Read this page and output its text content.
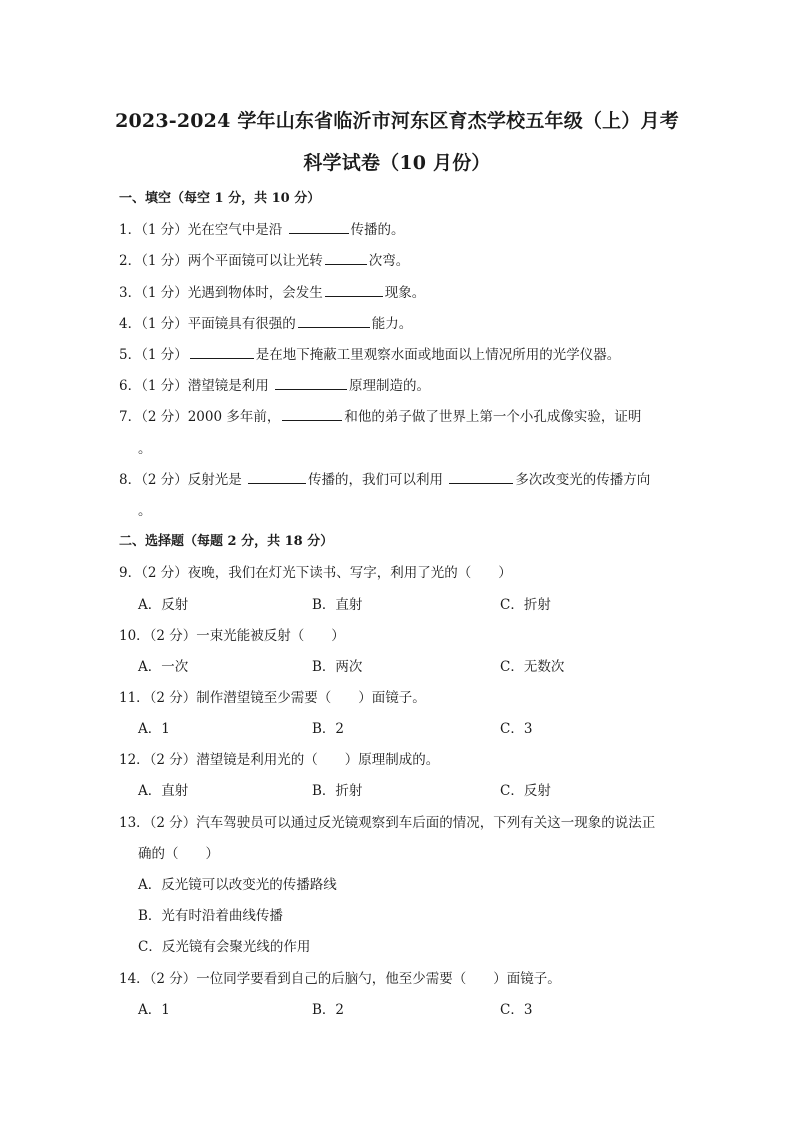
2023-2024 学年山东省临沂市河东区育杰学校五年级（上）月考
科学试卷（10 月份）
一、填空（每空 1 分，共 10 分）
1．（1 分）光在空气中是沿	传播的。
2．（1 分）两个平面镜可以让光转	次弯。
3．（1 分）光遇到物体时，会发生	现象。
4．（1 分）平面镜具有很强的	能力。
5．（1 分）	是在地下掩蔽工里观察水面或地面以上情况所用的光学仪器。
6．（1 分）潜望镜是利用	原理制造的。
7．（2 分）2000 多年前，	和他的弟子做了世界上第一个小孔成像实验，证明
。
8．（2 分）反射光是	传播的，我们可以利用	多次改变光的传播方向
。
二、选择题（每题 2 分，共 18 分）
9．（2 分）夜晚，我们在灯光下读书、写字，利用了光的（　　）
A．反射	B．直射	C．折射
10．（2 分）一束光能被反射（　　）
A．一次	B．两次	C．无数次
11．（2 分）制作潜望镜至少需要（　　）面镜子。
A．1	B．2	C．3
12．（2 分）潜望镜是利用光的（　　）原理制成的。
A．直射	B．折射	C．反射
13．（2 分）汽车驾驶员可以通过反光镜观察到车后面的情况，下列有关这一现象的说法正
确的（　　）
A．反光镜可以改变光的传播路线
B．光有时沿着曲线传播
C．反光镜有会聚光线的作用
14．（2 分）一位同学要看到自己的后脑勺，他至少需要（　　）面镜子。
A．1	B．2	C．3
